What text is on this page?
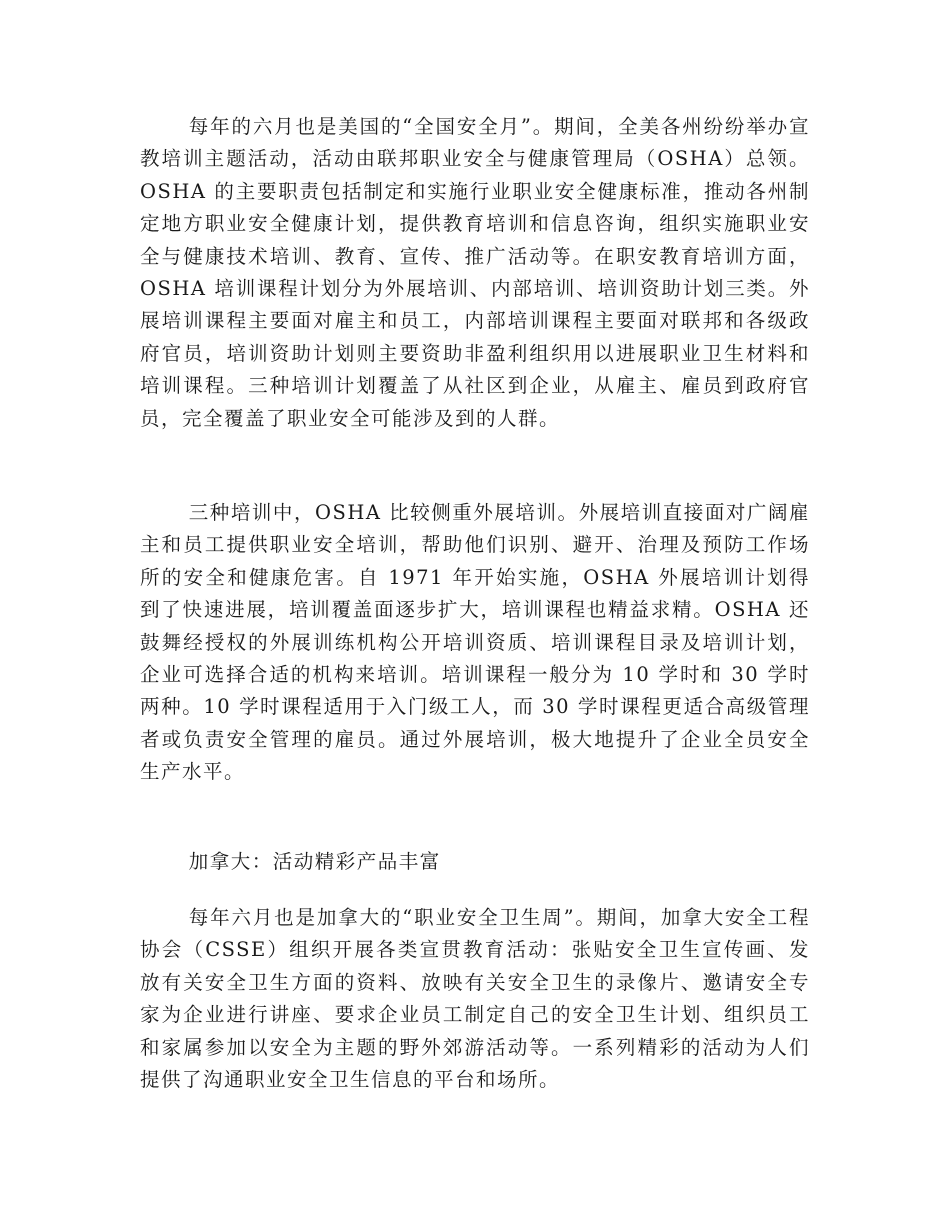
每年的六月也是美国的“全国安全月”。期间，全美各州纷纷举办宣教培训主题活动，活动由联邦职业安全与健康管理局（OSHA）总领。OSHA 的主要职责包括制定和实施行业职业安全健康标准，推动各州制定地方职业安全健康计划，提供教育培训和信息咨询，组织实施职业安全与健康技术培训、教育、宣传、推广活动等。在职安教育培训方面，OSHA 培训课程计划分为外展培训、内部培训、培训资助计划三类。外展培训课程主要面对雇主和员工，内部培训课程主要面对联邦和各级政府官员，培训资助计划则主要资助非盈利组织用以进展职业卫生材料和培训课程。三种培训计划覆盖了从社区到企业，从雇主、雇员到政府官员，完全覆盖了职业安全可能涉及到的人群。

三种培训中，OSHA 比较侧重外展培训。外展培训直接面对广阔雇主和员工提供职业安全培训，帮助他们识别、避开、治理及预防工作场所的安全和健康危害。自 1971 年开始实施，OSHA 外展培训计划得到了快速进展，培训覆盖面逐步扩大，培训课程也精益求精。OSHA 还鼓舞经授权的外展训练机构公开培训资质、培训课程目录及培训计划，企业可选择合适的机构来培训。培训课程一般分为 10 学时和 30 学时两种。10 学时课程适用于入门级工人，而 30 学时课程更适合高级管理者或负责安全管理的雇员。通过外展培训，极大地提升了企业全员安全生产水平。

加拿大：活动精彩产品丰富

每年六月也是加拿大的“职业安全卫生周”。期间，加拿大安全工程协会（CSSE）组织开展各类宣贯教育活动：张贴安全卫生宣传画、发放有关安全卫生方面的资料、放映有关安全卫生的录像片、邀请安全专家为企业进行讲座、要求企业员工制定自己的安全卫生计划、组织员工和家属参加以安全为主题的野外郊游活动等。一系列精彩的活动为人们提供了沟通职业安全卫生信息的平台和场所。
